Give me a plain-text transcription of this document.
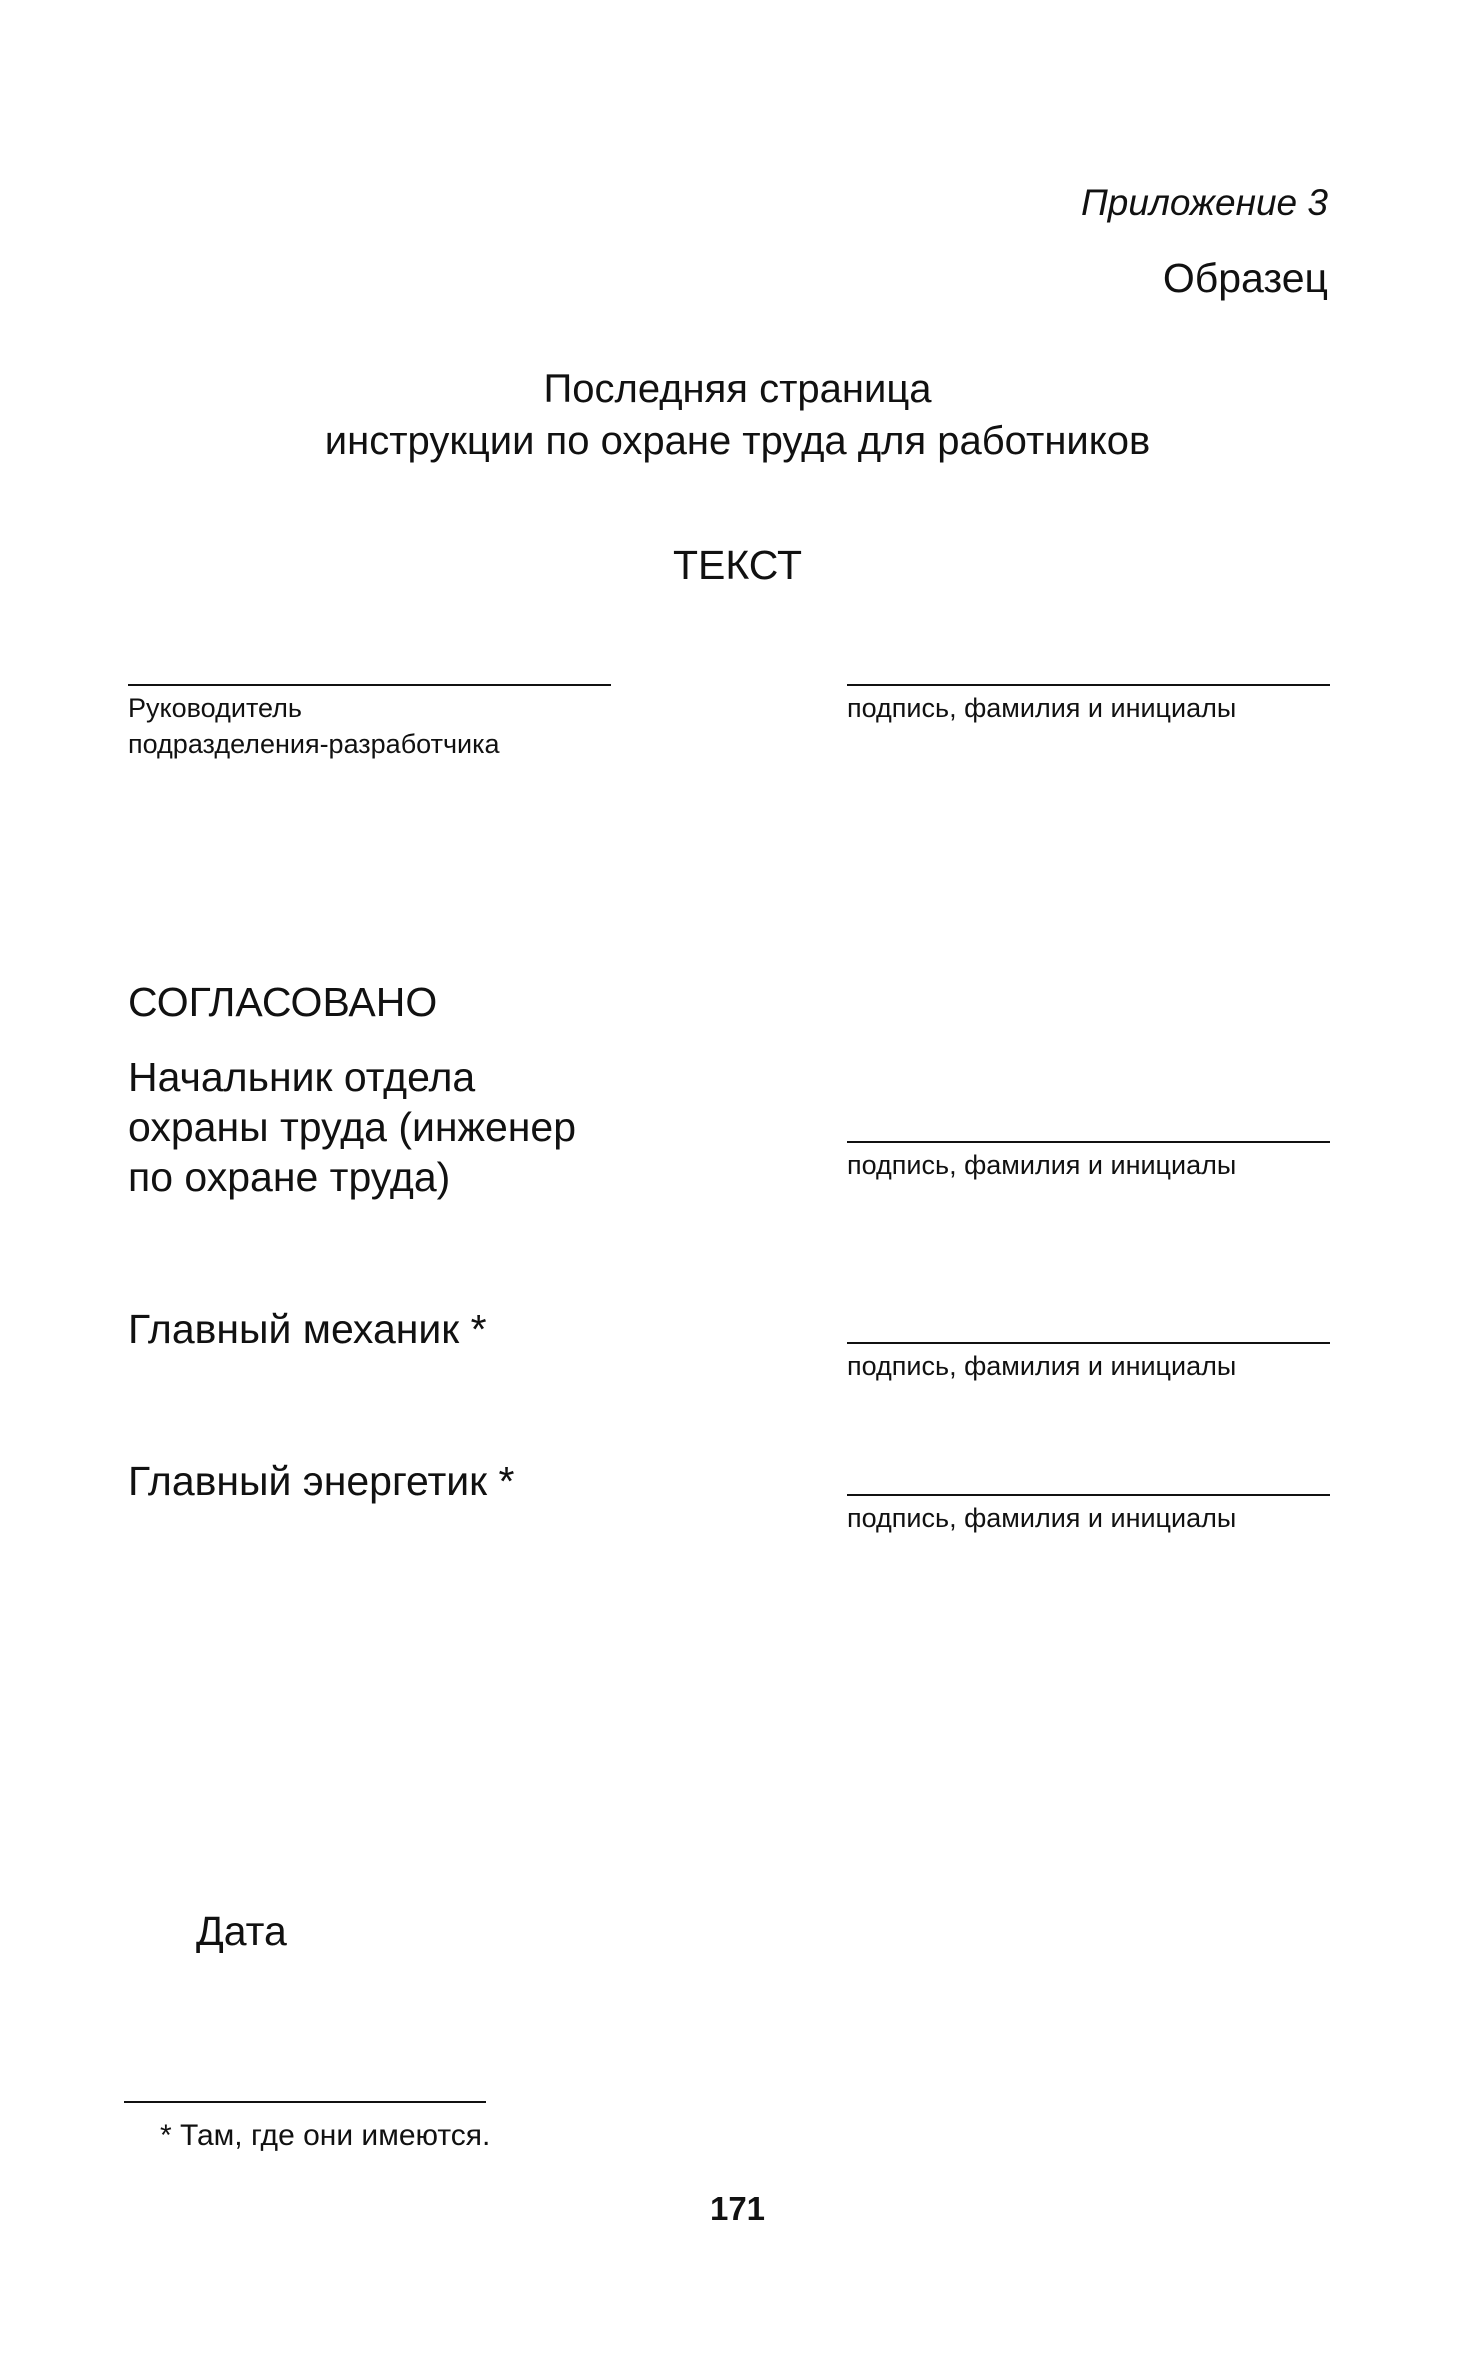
Приложение 3
Образец
Последняя страница
инструкции по охране труда для работников
ТЕКСТ
Руководитель
подразделения-разработчика
подпись, фамилия и инициалы
СОГЛАСОВАНО
Начальник отдела
охраны труда (инженер
по охране труда)	подпись, фамилия и инициалы
Главный механик *
подпись, фамилия и инициалы
Главный энергетик *
подпись, фамилия и инициалы
Дата
* Там, где они имеются.
171
